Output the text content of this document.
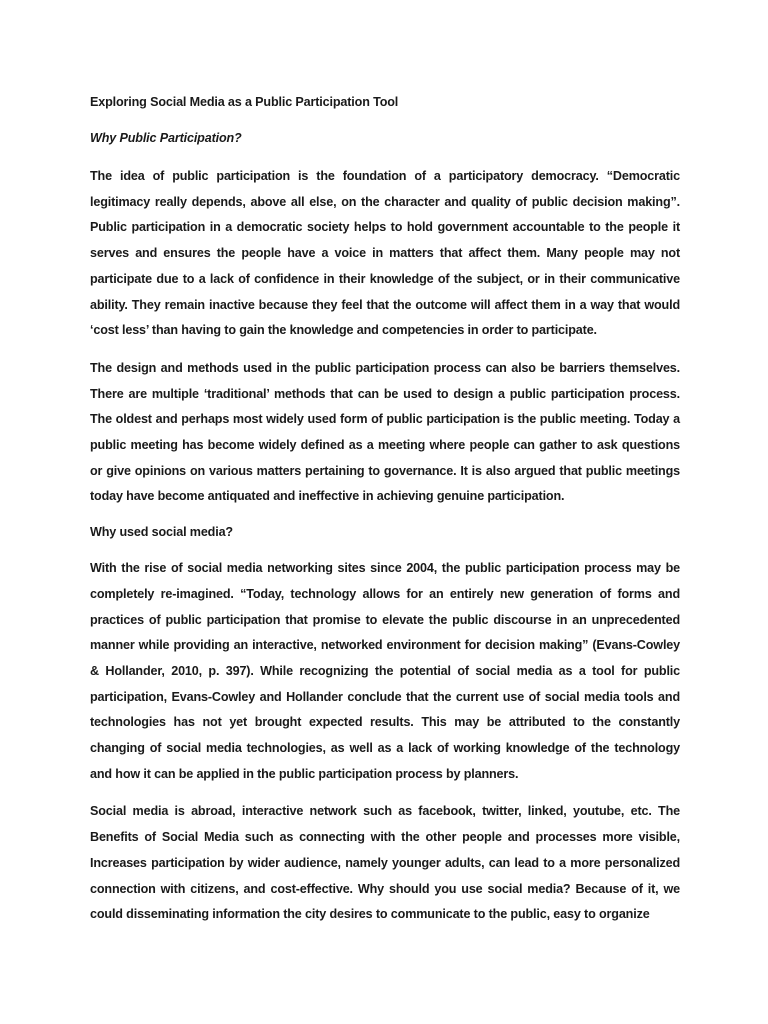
Exploring Social Media as a Public Participation Tool

Why Public Participation?

The idea of public participation is the foundation of a participatory democracy. “Democratic legitimacy really depends, above all else, on the character and quality of public decision making”. Public participation in a democratic society helps to hold government accountable to the people it serves and ensures the people have a voice in matters that affect them. Many people may not participate due to a lack of confidence in their knowledge of the subject, or in their communicative ability. They remain inactive because they feel that the outcome will affect them in a way that would ‘cost less’ than having to gain the knowledge and competencies in order to participate.

The design and methods used in the public participation process can also be barriers themselves. There are multiple ‘traditional’ methods that can be used to design a public participation process. The oldest and perhaps most widely used form of public participation is the public meeting. Today a public meeting has become widely defined as a meeting where people can gather to ask questions or give opinions on various matters pertaining to governance. It is also argued that public meetings today have become antiquated and ineffective in achieving genuine participation.

Why used social media?

With the rise of social media networking sites since 2004, the public participation process may be completely re-imagined. “Today, technology allows for an entirely new generation of forms and practices of public participation that promise to elevate the public discourse in an unprecedented manner while providing an interactive, networked environment for decision making” (Evans-Cowley & Hollander, 2010, p. 397). While recognizing the potential of social media as a tool for public participation, Evans-Cowley and Hollander conclude that the current use of social media tools and technologies has not yet brought expected results. This may be attributed to the constantly changing of social media technologies, as well as a lack of working knowledge of the technology and how it can be applied in the public participation process by planners.

Social media is abroad, interactive network such as facebook, twitter, linked, youtube, etc. The Benefits of Social Media such as connecting with the other people and processes more visible, Increases participation by wider audience, namely younger adults, can lead to a more personalized connection with citizens, and cost-effective. Why should you use social media? Because of it, we could disseminating information the city desires to communicate to the public, easy to organize
